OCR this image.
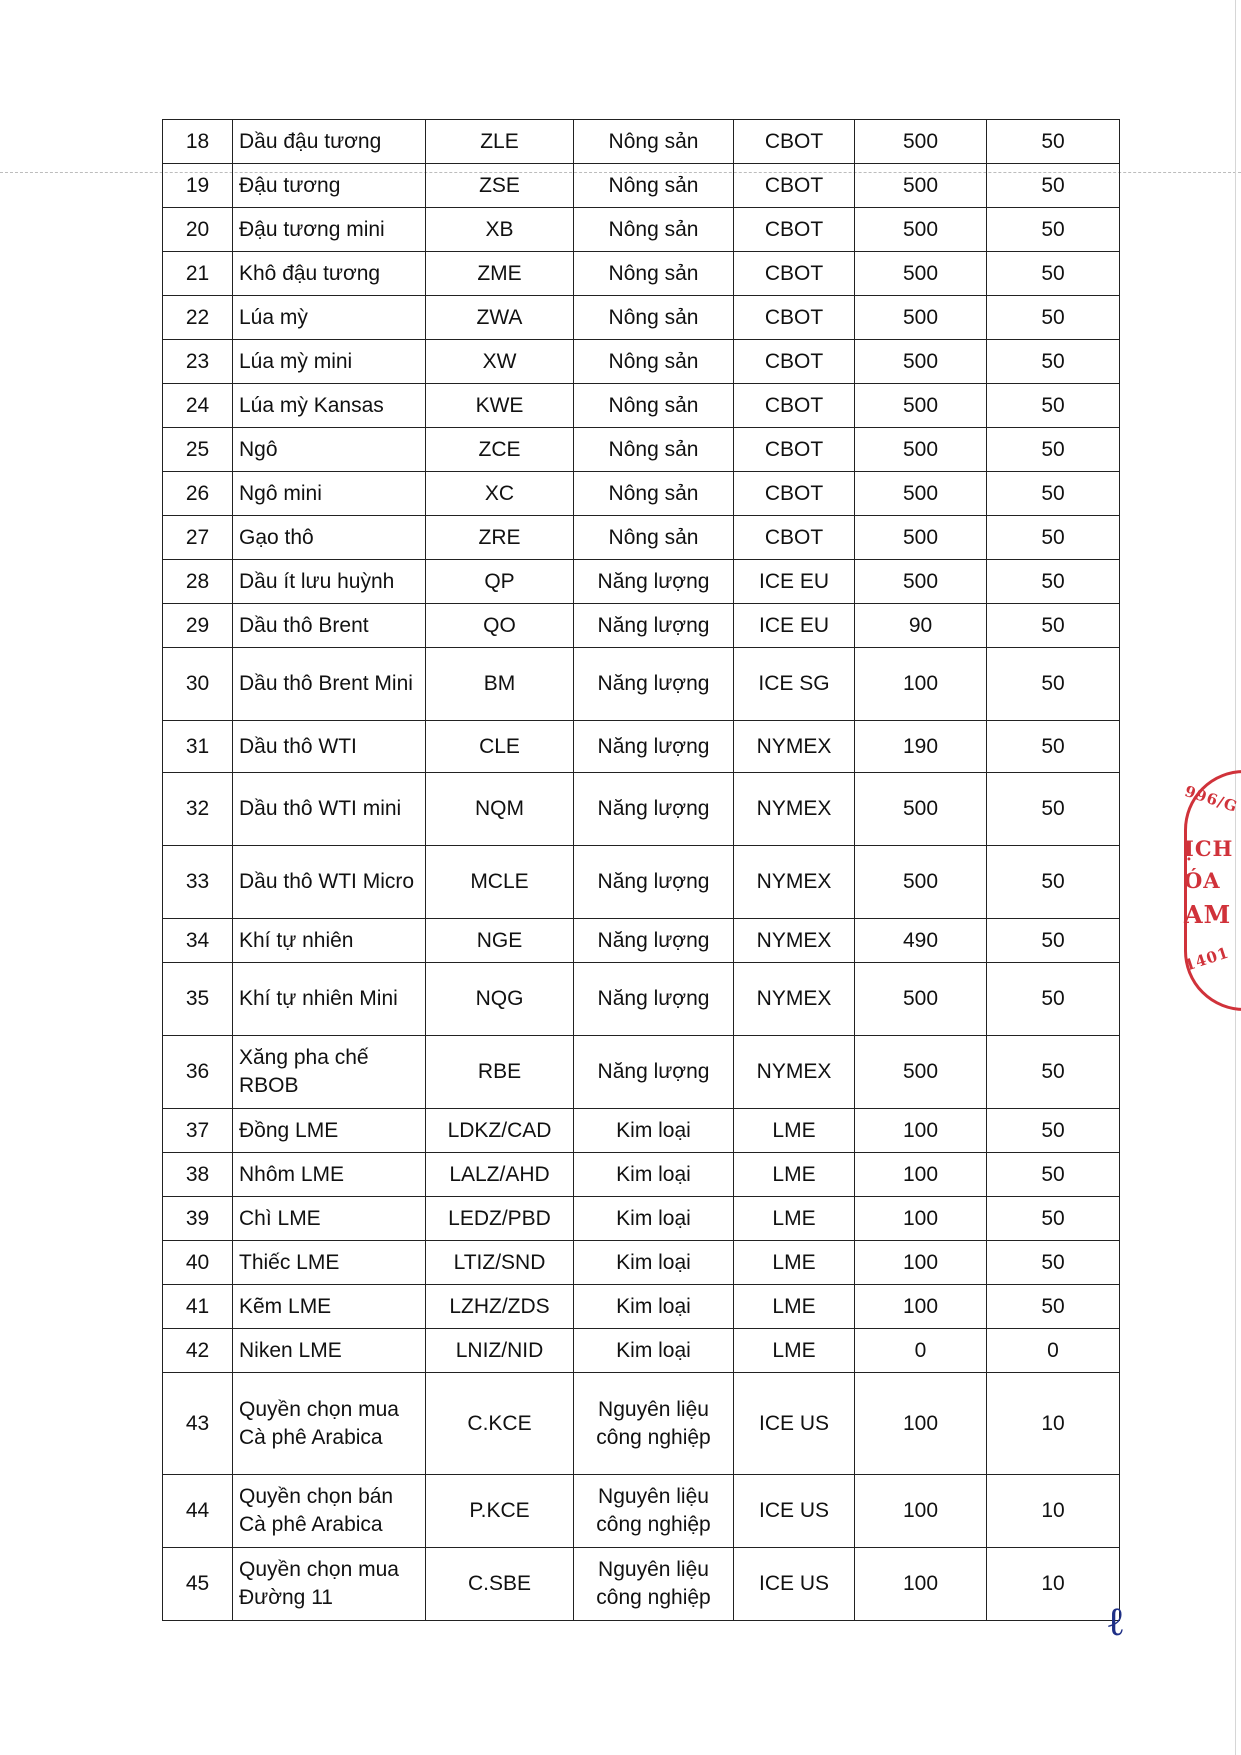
18	Dầu đậu tương	ZLE	Nông sản	CBOT	500	50
19	Đậu tương	ZSE	Nông sản	CBOT	500	50
20	Đậu tương mini	XB	Nông sản	CBOT	500	50
21	Khô đậu tương	ZME	Nông sản	CBOT	500	50
22	Lúa mỳ	ZWA	Nông sản	CBOT	500	50
23	Lúa mỳ mini	XW	Nông sản	CBOT	500	50
24	Lúa mỳ Kansas	KWE	Nông sản	CBOT	500	50
25	Ngô	ZCE	Nông sản	CBOT	500	50
26	Ngô mini	XC	Nông sản	CBOT	500	50
27	Gạo thô	ZRE	Nông sản	CBOT	500	50
28	Dầu ít lưu huỳnh	QP	Năng lượng	ICE EU	500	50
29	Dầu thô Brent	QO	Năng lượng	ICE EU	90	50
30	Dầu thô Brent Mini	BM	Năng lượng	ICE SG	100	50
31	Dầu thô WTI	CLE	Năng lượng	NYMEX	190	50
32	Dầu thô WTI mini	NQM	Năng lượng	NYMEX	500	50
33	Dầu thô WTI Micro	MCLE	Năng lượng	NYMEX	500	50
34	Khí tự nhiên	NGE	Năng lượng	NYMEX	490	50
35	Khí tự nhiên Mini	NQG	Năng lượng	NYMEX	500	50
36	Xăng pha chế RBOB	RBE	Năng lượng	NYMEX	500	50
37	Đồng LME	LDKZ/CAD	Kim loại	LME	100	50
38	Nhôm LME	LALZ/AHD	Kim loại	LME	100	50
39	Chì LME	LEDZ/PBD	Kim loại	LME	100	50
40	Thiếc LME	LTIZ/SND	Kim loại	LME	100	50
41	Kẽm LME	LZHZ/ZDS	Kim loại	LME	100	50
42	Niken LME	LNIZ/NID	Kim loại	LME	0	0
43	Quyền chọn mua Cà phê Arabica	C.KCE	Nguyên liệu công nghiệp	ICE US	100	10
44	Quyền chọn bán Cà phê Arabica	P.KCE	Nguyên liệu công nghiệp	ICE US	100	10
45	Quyền chọn mua Đường 11	C.SBE	Nguyên liệu công nghiệp	ICE US	100	10
996/G
ỊCH
ÓA
AM
1401
ℓ
